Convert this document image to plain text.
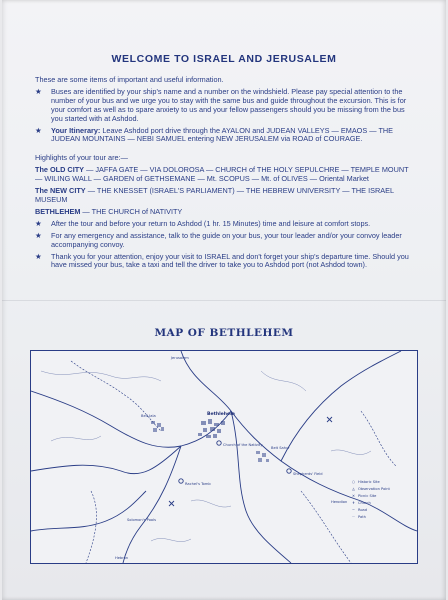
WELCOME TO ISRAEL AND JERUSALEM

These are some items of important and useful information.

★ Buses are identified by your ship's name and a number on the windshield. Please pay special attention to the number of your bus and we urge you to stay with the same bus and guide throughout the excursion. This is for your comfort as well as to spare anxiety to us and your fellow passengers should you be missing from the bus you started with at Ashdod.
★ Your Itinerary: Leave Ashdod port drive through the AYALON and JUDEAN VALLEYS — EMAOS — THE JUDEAN MOUNTAINS — NEBI SAMUEL entering NEW JERUSALEM via ROAD of COURAGE.

Highlights of your tour are:—

The OLD CITY — JAFFA GATE — VIA DOLOROSA — CHURCH of THE HOLY SEPULCHRE — TEMPLE MOUNT — WILING WALL — GARDEN of GETHSEMANE — Mt. SCOPUS — Mt. of OLIVES — Oriental Market

The NEW CITY — THE KNESSET (ISRAEL'S PARLIAMENT) — THE HEBREW UNIVERSITY — THE ISRAEL MUSEUM

BETHLEHEM — THE CHURCH of NATIVITY

★ After the tour and before your return to Ashdod (1 hr. 15 Minutes) time and leisure at comfort stops.
★ For any emergency and assistance, talk to the guide on your bus, your tour leader and/or your convoy leader accompanying convoy.
★ Thank you for your attention, enjoy your visit to ISRAEL and don't forget your ship's departure time. Should you have missed your bus, take a taxi and tell the driver to take you to Ashdod port (not Ashdod town).
MAP OF BETHLEHEM
Bethlehem
Beit Jala
Beit Sahur
Church of the Nativity
Shepherds' Field
Rachel's Tomb
Jerusalem
Hebron
Solomon's Pools
Herodion
○ Historic Site
◬ Observation Point
✕ Picnic Site
✝ Church
─ Road
┄ Path
